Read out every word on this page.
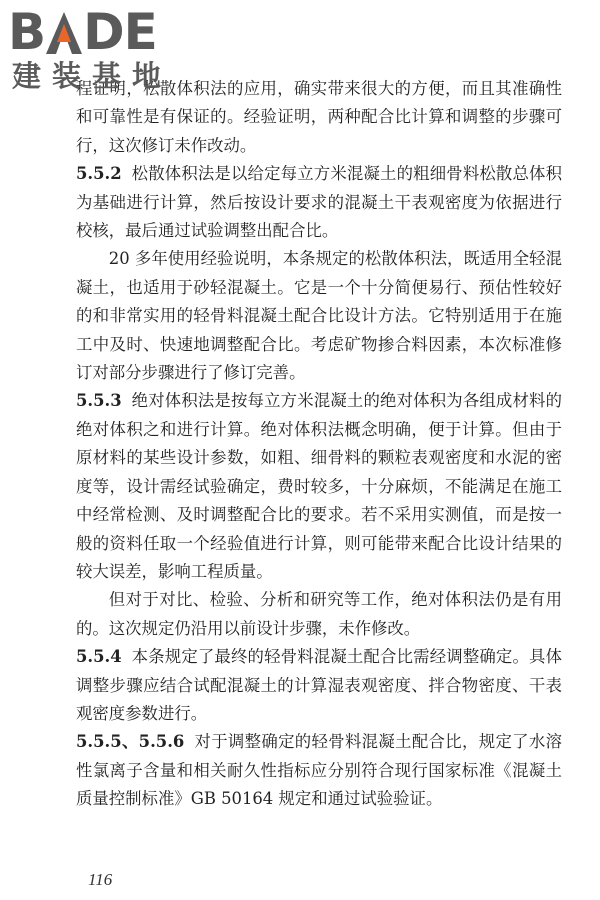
B DE
建装基地

程证明，松散体积法的应用，确实带来很大的方便，而且其准确性和可靠性是有保证的。经验证明，两种配合比计算和调整的步骤可行，这次修订未作改动。

5.5.2 松散体积法是以给定每立方米混凝土的粗细骨料松散总体积为基础进行计算，然后按设计要求的混凝土干表观密度为依据进行校核，最后通过试验调整出配合比。

20 多年使用经验说明，本条规定的松散体积法，既适用全轻混凝土，也适用于砂轻混凝土。它是一个十分简便易行、预估性较好的和非常实用的轻骨料混凝土配合比设计方法。它特别适用于在施工中及时、快速地调整配合比。考虑矿物掺合料因素，本次标准修订对部分步骤进行了修订完善。

5.5.3 绝对体积法是按每立方米混凝土的绝对体积为各组成材料的绝对体积之和进行计算。绝对体积法概念明确，便于计算。但由于原材料的某些设计参数，如粗、细骨料的颗粒表观密度和水泥的密度等，设计需经试验确定，费时较多，十分麻烦，不能满足在施工中经常检测、及时调整配合比的要求。若不采用实测值，而是按一般的资料任取一个经验值进行计算，则可能带来配合比设计结果的较大误差，影响工程质量。

但对于对比、检验、分析和研究等工作，绝对体积法仍是有用的。这次规定仍沿用以前设计步骤，未作修改。

5.5.4 本条规定了最终的轻骨料混凝土配合比需经调整确定。具体调整步骤应结合试配混凝土的计算湿表观密度、拌合物密度、干表观密度参数进行。

5.5.5、5.5.6 对于调整确定的轻骨料混凝土配合比，规定了水溶性氯离子含量和相关耐久性指标应分别符合现行国家标准《混凝土质量控制标准》GB 50164 规定和通过试验验证。

116
